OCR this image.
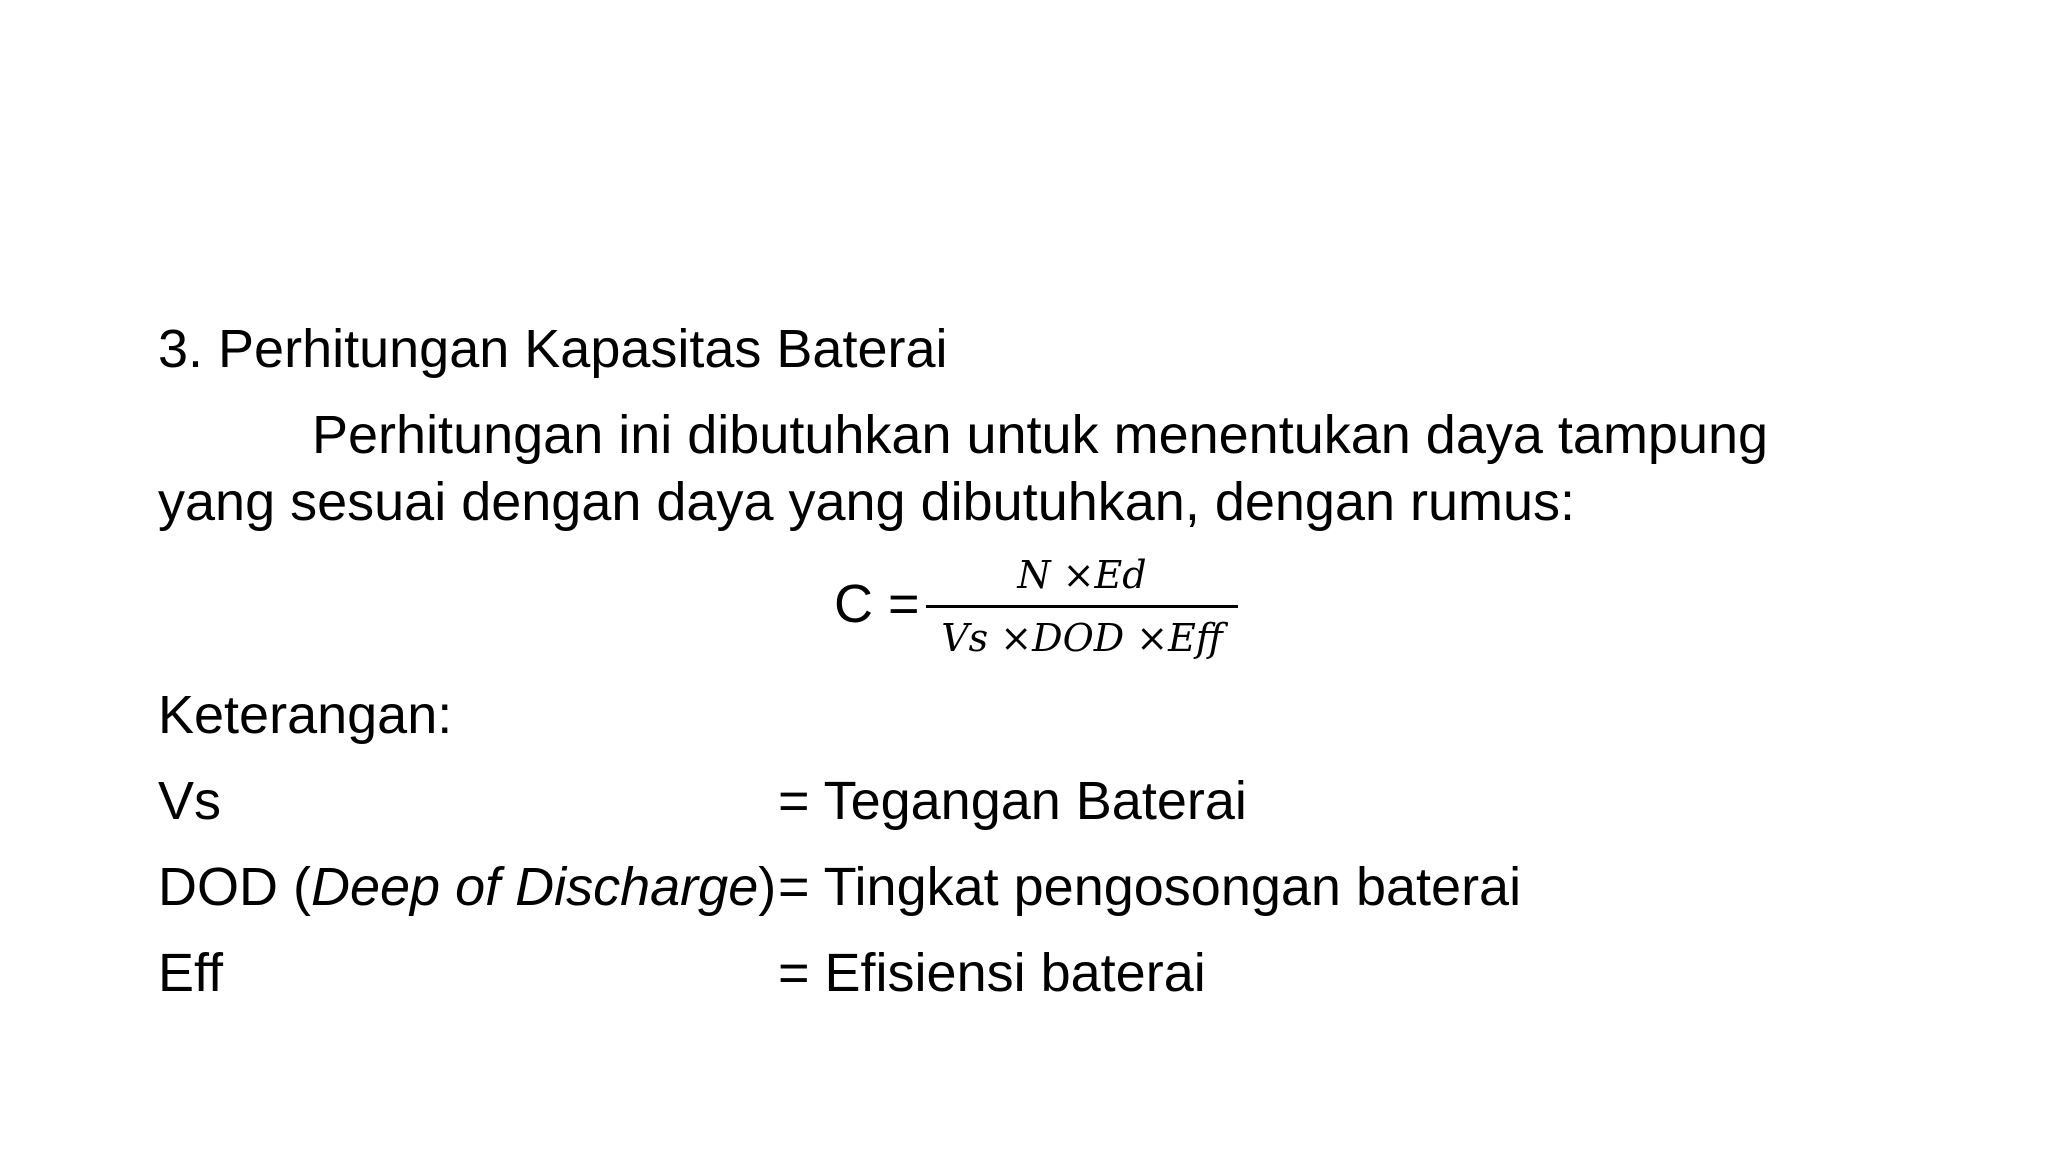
3. Perhitungan Kapasitas Baterai
Perhitungan ini dibutuhkan untuk menentukan daya tampung
yang sesuai dengan daya yang dibutuhkan, dengan rumus:
C =	N ×Ed
Vs ×DOD ×Eff
Keterangan:
Vs	= Tegangan Baterai
DOD (Deep of Discharge) = Tingkat pengosongan baterai
Eff	= Efisiensi baterai
